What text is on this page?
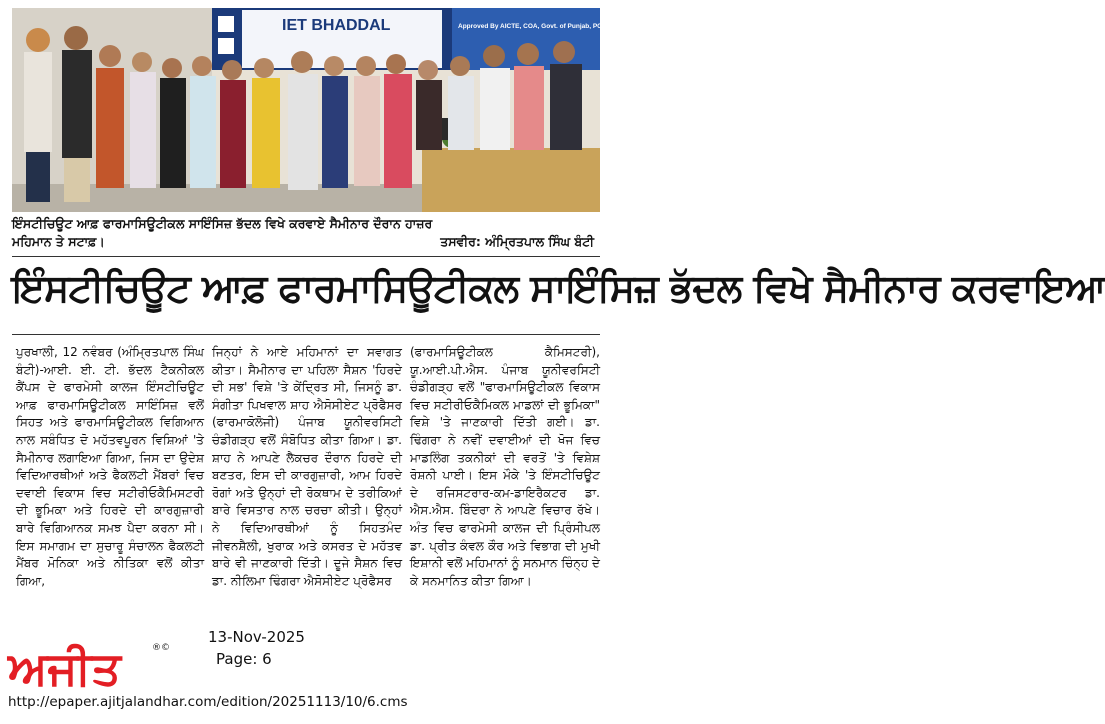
IET BHADDAL	Approved By AICTE, COA, Govt. of Punjab, PCI, UGC
ਇੰਸਟੀਚਿਊਟ ਆਫ਼ ਫਾਰਮਾਸਿਊਟੀਕਲ ਸਾਇੰਸਿਜ਼ ਭੱਦਲ ਵਿਖੇ ਕਰਵਾਏ ਸੈਮੀਨਾਰ ਦੌਰਾਨ ਹਾਜ਼ਰ
ਮਹਿਮਾਨ ਤੇ ਸਟਾਫ਼।	ਤਸਵੀਰ: ਅੰਮ੍ਰਿਤਪਾਲ ਸਿੰਘ ਬੰਟੀ
ਇੰਸਟੀਚਿਊਟ ਆਫ਼ ਫਾਰਮਾਸਿਊਟੀਕਲ ਸਾਇੰਸਿਜ਼ ਭੱਦਲ ਵਿਖੇ ਸੈਮੀਨਾਰ ਕਰਵਾਇਆ

ਪੁਰਖਾਲੀ, 12 ਨਵੰਬਰ (ਅੰਮ੍ਰਿਤਪਾਲ ਸਿੰਘ ਬੰਟੀ)-ਆਈ. ਈ. ਟੀ. ਭੱਦਲ ਟੈਕਨੀਕਲ ਕੈਂਪਸ ਦੇ ਫਾਰਮੇਸੀ ਕਾਲਜ ਇੰਸਟੀਚਿਊਟ ਆਫ਼ ਫਾਰਮਾਸਿਊਟੀਕਲ ਸਾਇੰਸਿਜ਼ ਵਲੋਂ ਸਿਹਤ ਅਤੇ ਫਾਰਮਾਸਿਊਟੀਕਲ ਵਿਗਿਆਨ ਨਾਲ ਸਬੰਧਿਤ ਦੋ ਮਹੱਤਵਪੂਰਨ ਵਿਸ਼ਿਆਂ 'ਤੇ ਸੈਮੀਨਾਰ ਲਗਾਇਆ ਗਿਆ, ਜਿਸ ਦਾ ਉਦੇਸ਼ ਵਿਦਿਆਰਥੀਆਂ ਅਤੇ ਫੈਕਲਟੀ ਮੈਂਬਰਾਂ ਵਿਚ ਦਵਾਈ ਵਿਕਾਸ ਵਿਚ ਸਟੀਰੀਓਕੈਮਿਸਟਰੀ ਦੀ ਭੂਮਿਕਾ ਅਤੇ ਹਿਰਦੇ ਦੀ ਕਾਰਗੁਜ਼ਾਰੀ ਬਾਰੇ ਵਿਗਿਆਨਕ ਸਮਝ ਪੈਦਾ ਕਰਨਾ ਸੀ। ਇਸ ਸਮਾਗਮ ਦਾ ਸੁਚਾਰੂ ਸੰਚਾਲਨ ਫੈਕਲਟੀ ਮੈਂਬਰ ਮੋਨਿਕਾ ਅਤੇ ਨੀਤਿਕਾ ਵਲੋਂ ਕੀਤਾ ਗਿਆ,

ਜਿਨ੍ਹਾਂ ਨੇ ਆਏ ਮਹਿਮਾਨਾਂ ਦਾ ਸਵਾਗਤ ਕੀਤਾ। ਸੈਮੀਨਾਰ ਦਾ ਪਹਿਲਾ ਸੈਸ਼ਨ 'ਹਿਰਦੇ ਦੀ ਸਭ' ਵਿਸ਼ੇ 'ਤੇ ਕੇਂਦ੍ਰਿਤ ਸੀ, ਜਿਸਨੂੰ ਡਾ. ਸੰਗੀਤਾ ਪਿਖਵਾਲ ਸ਼ਾਹ ਐਸੋਸੀਏਟ ਪ੍ਰੋਫੈਸਰ (ਫਾਰਮਾਕੋਲੋਜੀ) ਪੰਜਾਬ ਯੂਨੀਵਰਸਿਟੀ ਚੰਡੀਗੜ੍ਹ ਵਲੋਂ ਸੰਬੋਧਿਤ ਕੀਤਾ ਗਿਆ। ਡਾ. ਸ਼ਾਹ ਨੇ ਆਪਣੇ ਲੈਕਚਰ ਦੌਰਾਨ ਹਿਰਦੇ ਦੀ ਬਣਤਰ, ਇਸ ਦੀ ਕਾਰਗੁਜ਼ਾਰੀ, ਆਮ ਹਿਰਦੇ ਰੋਗਾਂ ਅਤੇ ਉਨ੍ਹਾਂ ਦੀ ਰੋਕਥਾਮ ਦੇ ਤਰੀਕਿਆਂ ਬਾਰੇ ਵਿਸਤਾਰ ਨਾਲ ਚਰਚਾ ਕੀਤੀ। ਉਨ੍ਹਾਂ ਨੇ ਵਿਦਿਆਰਥੀਆਂ ਨੂੰ ਸਿਹਤਮੰਦ ਜੀਵਨਸ਼ੈਲੀ, ਖੁਰਾਕ ਅਤੇ ਕਸਰਤ ਦੇ ਮਹੱਤਵ ਬਾਰੇ ਵੀ ਜਾਣਕਾਰੀ ਦਿੱਤੀ। ਦੂਜੇ ਸੈਸ਼ਨ ਵਿਚ ਡਾ. ਨੀਲਿਮਾ ਢਿੰਗਰਾ ਐਸੋਸੀਏਟ ਪ੍ਰੋਫੈਸਰ

(ਫਾਰਮਾਸਿਊਟੀਕਲ ਕੈਮਿਸਟਰੀ), ਯੂ.ਆਈ.ਪੀ.ਐਸ. ਪੰਜਾਬ ਯੂਨੀਵਰਸਿਟੀ ਚੰਡੀਗੜ੍ਹ ਵਲੋਂ "ਫਾਰਮਾਸਿਊਟੀਕਲ ਵਿਕਾਸ ਵਿਚ ਸਟੀਰੀਓਕੈਮਿਕਲ ਮਾਡਲਾਂ ਦੀ ਭੂਮਿਕਾ" ਵਿਸ਼ੇ 'ਤੇ ਜਾਣਕਾਰੀ ਦਿੱਤੀ ਗਈ। ਡਾ. ਢਿੰਗਰਾ ਨੇ ਨਵੀਂ ਦਵਾਈਆਂ ਦੀ ਖੋਜ ਵਿਚ ਮਾਡਲਿੰਗ ਤਕਨੀਕਾਂ ਦੀ ਵਰਤੋਂ 'ਤੇ ਵਿਸ਼ੇਸ਼ ਰੋਸ਼ਨੀ ਪਾਈ। ਇਸ ਮੌਕੇ 'ਤੇ ਇੰਸਟੀਚਿਊਟ ਦੇ ਰਜਿਸਟਰਾਰ-ਕਮ-ਡਾਇਰੈਕਟਰ ਡਾ. ਐਸ.ਐਸ. ਬਿੰਦਰਾ ਨੇ ਆਪਣੇ ਵਿਚਾਰ ਰੱਖੇ। ਅੰਤ ਵਿਚ ਫਾਰਮੇਸੀ ਕਾਲਜ ਦੀ ਪ੍ਰਿੰਸੀਪਲ ਡਾ. ਪ੍ਰੀਤ ਕੰਵਲ ਕੌਰ ਅਤੇ ਵਿਭਾਗ ਦੀ ਮੁਖੀ ਇਸ਼ਾਨੀ ਵਲੋਂ ਮਹਿਮਾਨਾਂ ਨੂੰ ਸਨਮਾਨ ਚਿੰਨ੍ਹ ਦੇ ਕੇ ਸਨਮਾਨਿਤ ਕੀਤਾ ਗਿਆ।

ਅਜੀਤ	®©
13-Nov-2025
Page: 6
http://epaper.ajitjalandhar.com/edition/20251113/10/6.cms
